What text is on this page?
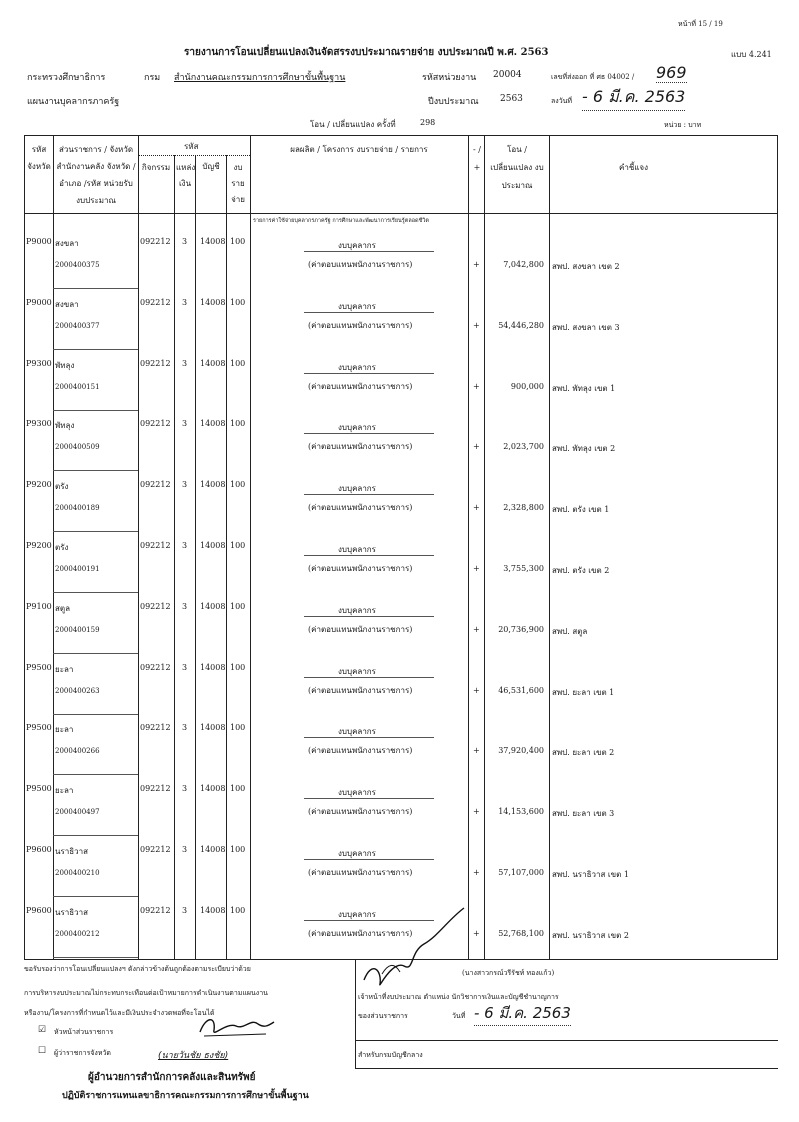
หน้าที่ 15 / 19
รายงานการโอนเปลี่ยนแปลงเงินจัดสรรงบประมาณรายจ่าย งบประมาณปี พ.ศ. 2563	แบบ 4.241
กระทรวงศึกษาธิการ	กรม สำนักงานคณะกรรมการการศึกษาขั้นพื้นฐาน	รหัสหน่วยงาน 20004	เลขที่ส่งออก ที่ ศธ 04002 / 969
แผนงานบุคลากรภาครัฐ	ปีงบประมาณ 2563	ลงวันที่ - 6 มี.ค. 2563
โอน / เปลี่ยนแปลง ครั้งที่	298	หน่วย : บาท
รหัส จังหวัด
ส่วนราชการ / จังหวัด สำนักงานคลัง จังหวัด / อำเภอ /รหัส หน่วยรับงบประมาณ
รหัส
กิจกรรม แหล่ง เงิน
บัญชี	งบ รายจ่าย
ผลผลิต / โครงการ งบรายจ่าย / รายการ	- / +
โอน / เปลี่ยนแปลง งบประมาณ
คำชี้แจง
รายการค่าใช้จ่ายบุคลากรภาครัฐ การศึกษาและพัฒนาการเรียนรู้ตลอดชีวิต
P9000 สงขลา
2000400375
092212 3 14008 100	งบบุคลากร
(ค่าตอบแทนพนักงานราชการ)	+	7,042,800 สพป. สงขลา เขต 2
P9000 สงขลา
2000400377
092212 3 14008 100	งบบุคลากร
(ค่าตอบแทนพนักงานราชการ)	+	54,446,280 สพป. สงขลา เขต 3
P9300 พัทลุง
2000400151
092212 3 14008 100	งบบุคลากร
(ค่าตอบแทนพนักงานราชการ)	+	900,000 สพป. พัทลุง เขต 1
P9300 พัทลุง
2000400509
092212 3 14008 100	งบบุคลากร
(ค่าตอบแทนพนักงานราชการ)	+	2,023,700 สพป. พัทลุง เขต 2
P9200 ตรัง
2000400189
092212 3 14008 100	งบบุคลากร
(ค่าตอบแทนพนักงานราชการ)	+	2,328,800 สพป. ตรัง เขต 1
P9200 ตรัง
2000400191
092212 3 14008 100	งบบุคลากร
(ค่าตอบแทนพนักงานราชการ)	+	3,755,300 สพป. ตรัง เขต 2
P9100 สตูล
2000400159
092212 3 14008 100	งบบุคลากร
(ค่าตอบแทนพนักงานราชการ)	+	20,736,900 สพป. สตูล
P9500 ยะลา
2000400263
092212 3 14008 100	งบบุคลากร
(ค่าตอบแทนพนักงานราชการ)	+	46,531,600 สพป. ยะลา เขต 1
P9500 ยะลา
2000400266
092212 3 14008 100	งบบุคลากร
(ค่าตอบแทนพนักงานราชการ)	+	37,920,400 สพป. ยะลา เขต 2
P9500 ยะลา
2000400497
092212 3 14008 100	งบบุคลากร
(ค่าตอบแทนพนักงานราชการ)	+	14,153,600 สพป. ยะลา เขต 3
P9600 นราธิวาส
2000400210
092212 3 14008 100	งบบุคลากร
(ค่าตอบแทนพนักงานราชการ)	+	57,107,000 สพป. นราธิวาส เขต 1
P9600 นราธิวาส
2000400212
092212 3 14008 100	งบบุคลากร
(ค่าตอบแทนพนักงานราชการ)	+	52,768,100 สพป. นราธิวาส เขต 2
ขอรับรองว่าการโอนเปลี่ยนแปลงฯ ดังกล่าวข้างต้นถูกต้องตามระเบียบว่าด้วย
การบริหารงบประมาณไม่กระทบกระเทือนต่อเป้าหมายการดำเนินงานตามแผนงาน
หรืองาน/โครงการที่กำหนดไว้และมีเงินประจำงวดพอที่จะโอนได้
☑ หัวหน้าส่วนราชการ
☐ ผู้ว่าราชการจังหวัด	(นายวันชัย ธงชัย)
ผู้อำนวยการสำนักการคลังและสินทรัพย์
ปฏิบัติราชการแทนเลขาธิการคณะกรรมการการศึกษาขั้นพื้นฐาน
(นางสาวกรณ์วรีรัชท์ ทองแก้ว)
เจ้าหน้าที่งบประมาณ ตำแหน่ง นักวิชาการเงินและบัญชีชำนาญการ
ของส่วนราชการ	วันที่ - 6 มี.ค. 2563
สำหรับกรมบัญชีกลาง
